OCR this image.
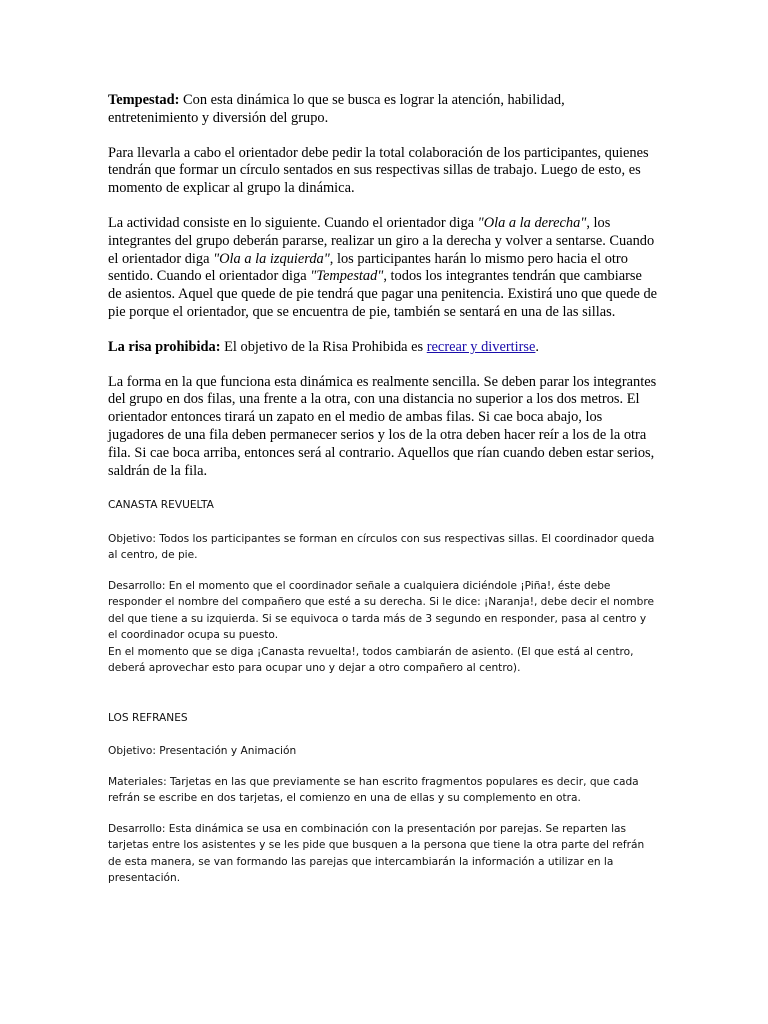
Tempestad: Con esta dinámica lo que se busca es lograr la atención, habilidad, entretenimiento y diversión del grupo.

Para llevarla a cabo el orientador debe pedir la total colaboración de los participantes, quienes tendrán que formar un círculo sentados en sus respectivas sillas de trabajo. Luego de esto, es momento de explicar al grupo la dinámica.

La actividad consiste en lo siguiente. Cuando el orientador diga "Ola a la derecha", los integrantes del grupo deberán pararse, realizar un giro a la derecha y volver a sentarse. Cuando el orientador diga "Ola a la izquierda", los participantes harán lo mismo pero hacia el otro sentido. Cuando el orientador diga "Tempestad", todos los integrantes tendrán que cambiarse de asientos. Aquel que quede de pie tendrá que pagar una penitencia. Existirá uno que quede de pie porque el orientador, que se encuentra de pie, también se sentará en una de las sillas.

La risa prohibida: El objetivo de la Risa Prohibida es recrear y divertirse.

La forma en la que funciona esta dinámica es realmente sencilla. Se deben parar los integrantes del grupo en dos filas, una frente a la otra, con una distancia no superior a los dos metros. El orientador entonces tirará un zapato en el medio de ambas filas. Si cae boca abajo, los jugadores de una fila deben permanecer serios y los de la otra deben hacer reír a los de la otra fila. Si cae boca arriba, entonces será al contrario. Aquellos que rían cuando deben estar serios, saldrán de la fila.

CANASTA REVUELTA

Objetivo: Todos los participantes se forman en círculos con sus respectivas sillas. El coordinador queda al centro, de pie.

Desarrollo: En el momento que el coordinador señale a cualquiera diciéndole ¡Piña!, éste debe responder el nombre del compañero que esté a su derecha. Si le dice: ¡Naranja!, debe decir el nombre del que tiene a su izquierda. Si se equivoca o tarda más de 3 segundo en responder, pasa al centro y el coordinador ocupa su puesto.
En el momento que se diga ¡Canasta revuelta!, todos cambiarán de asiento. (El que está al centro, deberá aprovechar esto para ocupar uno y dejar a otro compañero al centro).

LOS REFRANES

Objetivo: Presentación y Animación

Materiales: Tarjetas en las que previamente se han escrito fragmentos populares es decir, que cada refrán se escribe en dos tarjetas, el comienzo en una de ellas y su complemento en otra.

Desarrollo: Esta dinámica se usa en combinación con la presentación por parejas. Se reparten las tarjetas entre los asistentes y se les pide que busquen a la persona que tiene la otra parte del refrán de esta manera, se van formando las parejas que intercambiarán la información a utilizar en la presentación.
